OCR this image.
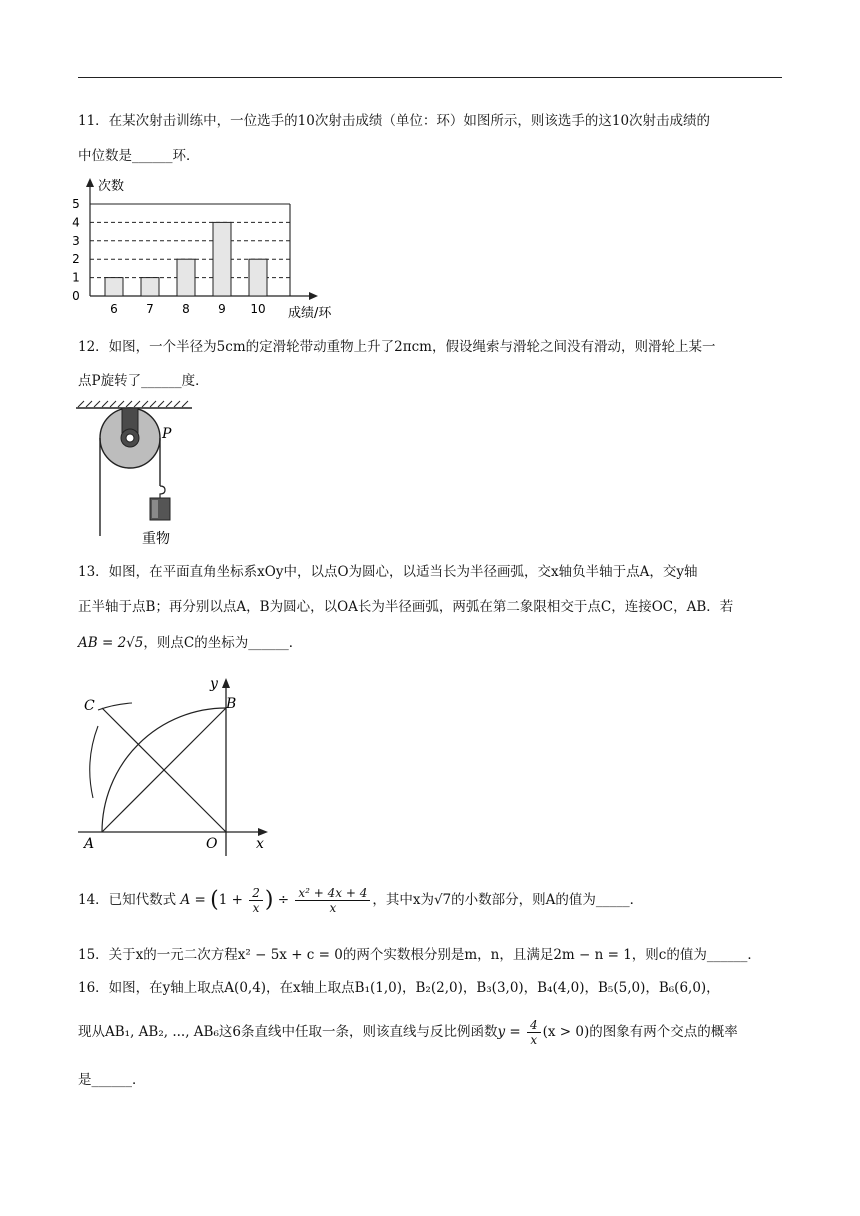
11．在某次射击训练中，一位选手的10次射击成绩（单位：环）如图所示，则该选手的这10次射击成绩的
中位数是______环．
0
1
2
3
4
5
6 7 8 9 10
次数
成绩/环
12．如图，一个半径为5cm的定滑轮带动重物上升了2πcm，假设绳索与滑轮之间没有滑动，则滑轮上某一
点P旋转了______度．
P
重物
13．如图，在平面直角坐标系xOy中，以点O为圆心，以适当长为半径画弧，交x轴负半轴于点A，交y轴
正半轴于点B；再分别以点A，B为圆心，以OA长为半径画弧，两弧在第二象限相交于点C，连接OC，AB．若
AB = 2√5，则点C的坐标为______．
C	B
y
A	O	x
14．已知代数式 $A = (1 + \frac{2}{x}$ ) ÷ $\frac{\text{x² + 4x + 4}}{x}$ ，其中x为√7的小数部分，则A的值为_____．
15．关于x的一元二次方程x² − 5x + c = 0的两个实数根分别是m，n，且满足2m − n = 1，则c的值为______．
16．如图，在y轴上取点A(0,4)，在x轴上取点B₁(1,0)，B₂(2,0)，B₃(3,0)，B₄(4,0)，B₅(5,0)，B₆(6,0)，
现从AB₁, AB₂, ..., AB₆这6条直线中任取一条，则该直线与反比例函数$y = \frac{4}{x} (x > 0)$的图象有两个交点的概率
是______．
